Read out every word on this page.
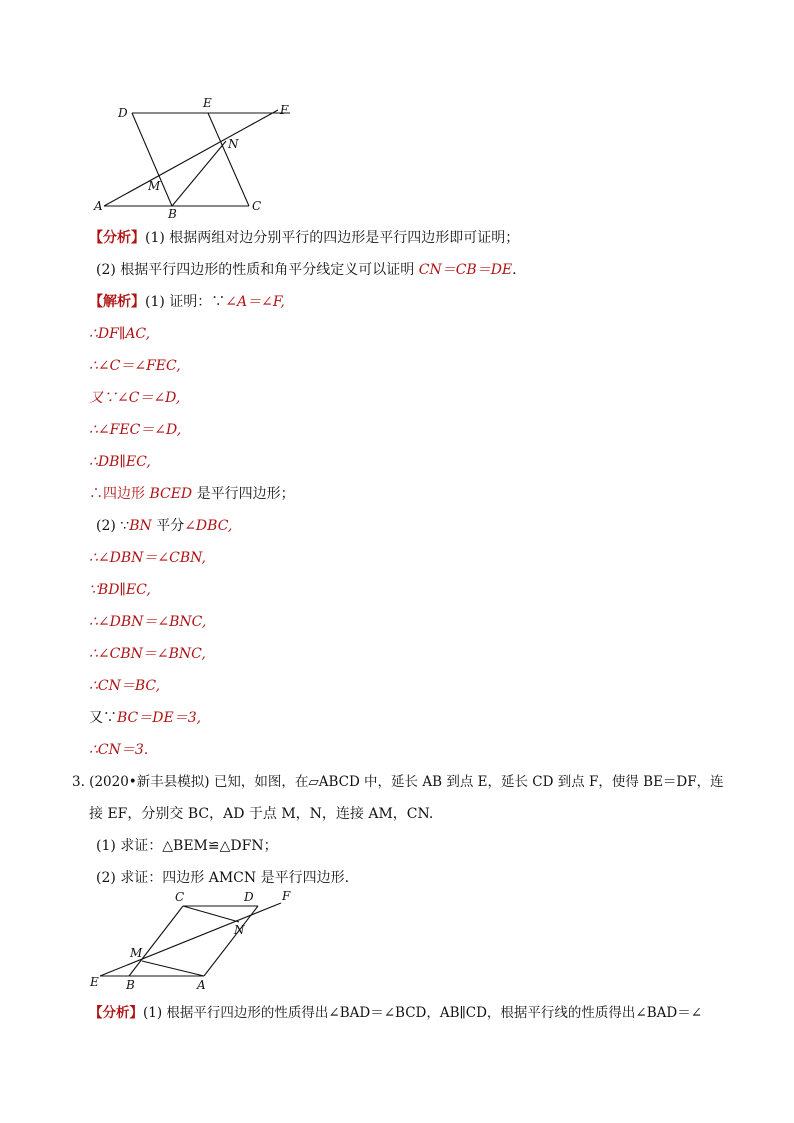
D
E	F
N
M
A
B
C
【分析】(1) 根据两组对边分别平行的四边形是平行四边形即可证明；
(2) 根据平行四边形的性质和角平分线定义可以证明 CN＝CB＝DE.
【解析】(1) 证明：∵∠A＝∠F,
∴DF∥AC,
∴∠C＝∠FEC,
又∵∠C＝∠D,
∴∠FEC＝∠D,
∴DB∥EC,
∴四边形 BCED 是平行四边形；
(2) ∵BN 平分∠DBC,
∴∠DBN＝∠CBN,
∵BD∥EC,
∴∠DBN＝∠BNC,
∴∠CBN＝∠BNC,
∴CN＝BC,
又∵BC＝DE＝3,
∴CN＝3.
3. (2020•新丰县模拟) 已知，如图，在▱ABCD 中，延长 AB 到点 E，延长 CD 到点 F，使得 BE＝DF，连
接 EF，分别交 BC，AD 于点 M，N，连接 AM，CN.
(1) 求证：△BEM≌△DFN；
(2) 求证：四边形 AMCN 是平行四边形.
C	D F
N
M
E B	A
【分析】(1) 根据平行四边形的性质得出∠BAD＝∠BCD，AB∥CD，根据平行线的性质得出∠BAD＝∠
